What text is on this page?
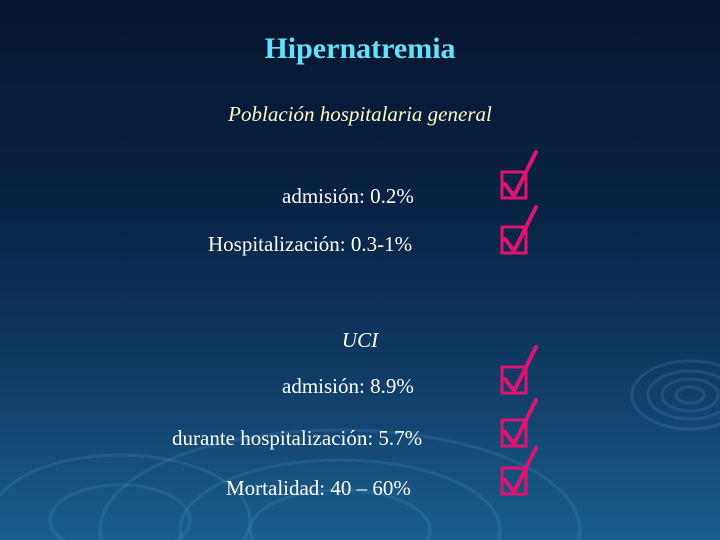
Hipernatremia
Población hospitalaria general
admisión: 0.2%
Hospitalización: 0.3-1%
UCI
admisión: 8.9%
durante hospitalización: 5.7%
Mortalidad: 40 – 60%
